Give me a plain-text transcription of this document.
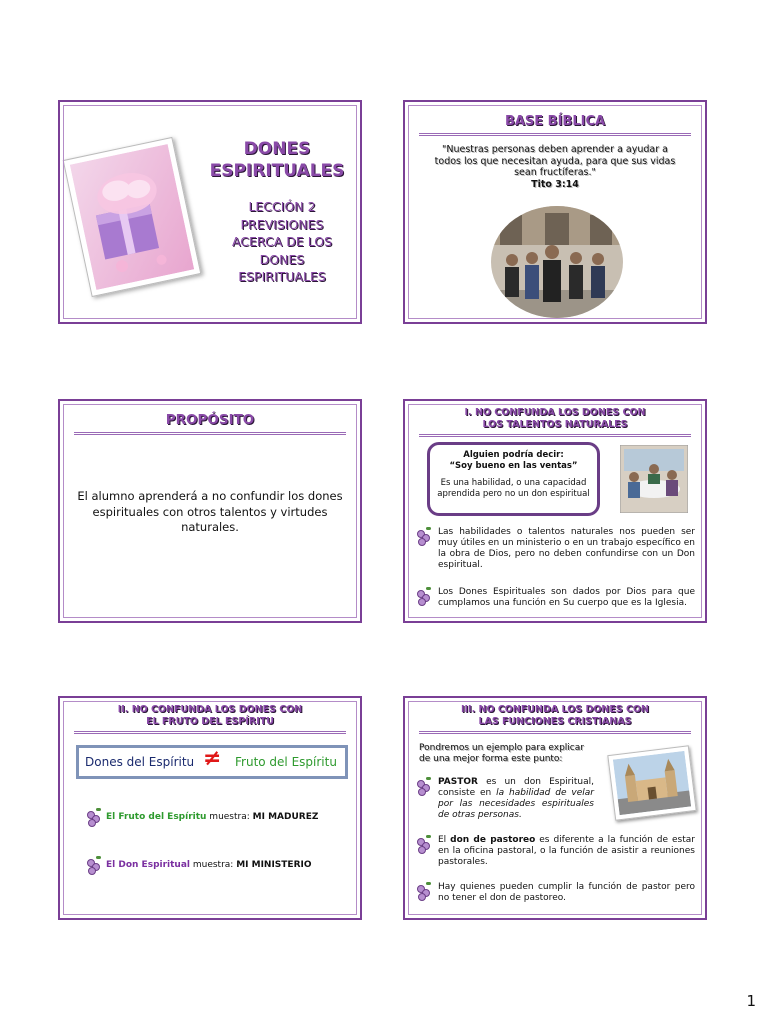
DONES
ESPIRITUALES
LECCIÓN 2
PREVISIONES
ACERCA DE LOS
DONES
ESPIRITUALES
BASE BÍBLICA
"Nuestras personas deben aprender a ayudar a
todos los que necesitan ayuda, para que sus vidas
sean fructíferas."
Tito 3:14
PROPÓSITO
El alumno aprenderá a no confundir los dones
espirituales con otros talentos y virtudes
naturales.
I. NO CONFUNDA LOS DONES CON
LOS TALENTOS NATURALES
Alguien podría decir:
“Soy bueno en las ventas”
Es una habilidad, o una capacidad
aprendida pero no un don espiritual
Las habilidades o talentos naturales nos pueden ser muy útiles en un ministerio o en un trabajo específico en la obra de Dios, pero no deben confundirse con un Don espiritual.
Los Dones Espirituales son dados por Dios para que cumplamos una función en Su cuerpo que es la Iglesia.
II. NO CONFUNDA LOS DONES CON
EL FRUTO DEL ESPÍRITU
Dones del Espíritu ≠ Fruto del Espíritu
El Fruto del Espíritu muestra: MI MADUREZ
El Don Espiritual muestra: MI MINISTERIO
III. NO CONFUNDA LOS DONES CON
LAS FUNCIONES CRISTIANAS
Pondremos un ejemplo para explicar
de una mejor forma este punto:
PASTOR es un don Espiritual, consiste en la habilidad de velar por las necesidades espirituales de otras personas.
El don de pastoreo es diferente a la función de estar en la oficina pastoral, o la función de asistir a reuniones pastorales.
Hay quienes pueden cumplir la función de pastor pero no tener el don de pastoreo.
1
